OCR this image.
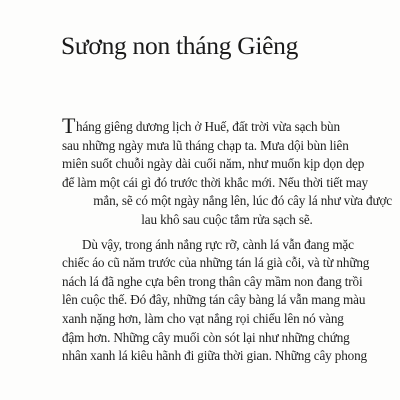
Sương non tháng Giêng

T háng giêng dương lịch ở Huế, đất trời vừa sạch bùn
sau những ngày mưa lũ tháng chạp ta. Mưa dội bùn liên
miên suốt chuỗi ngày dài cuối năm, như muốn kịp dọn dẹp
để làm một cái gì đó trước thời khắc mới. Nếu thời tiết may
mắn, sẽ có một ngày nắng lên, lúc đó cây lá như vừa được
lau khô sau cuộc tắm rửa sạch sẽ.

Dù vậy, trong ánh nắng rực rỡ, cành lá vẫn đang mặc
chiếc áo cũ năm trước của những tán lá già cỗi, và từ những
nách lá đã nghe cựa bên trong thân cây mầm non đang trồi
lên cuộc thế. Đó đây, những tán cây bàng lá vẫn mang màu
xanh nặng hơn, làm cho vạt nắng rọi chiếu lên nó vàng
đậm hơn. Những cây muối còn sót lại như những chứng
nhân xanh lá kiêu hãnh đi giữa thời gian. Những cây phong
